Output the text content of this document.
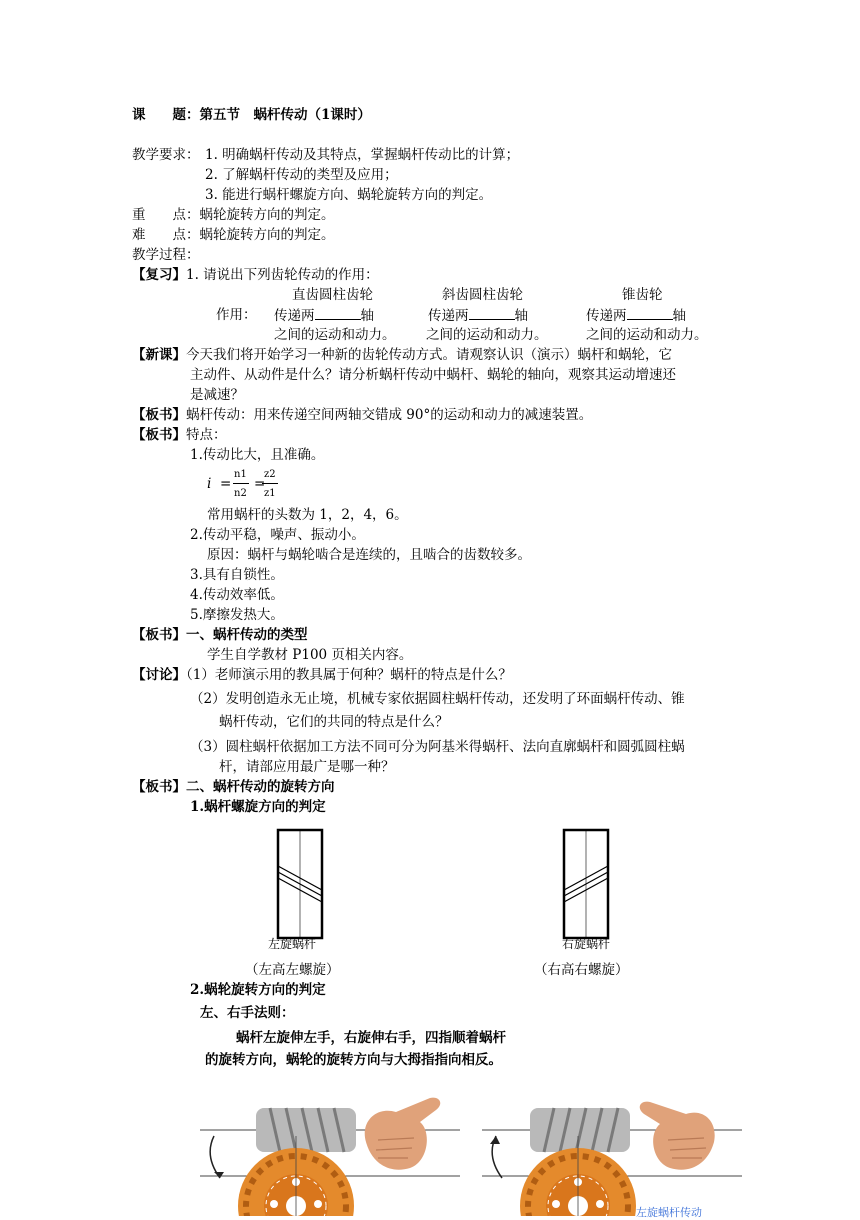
课　　题：第五节　蜗杆传动（1课时）
教学要求： 1. 明确蜗杆传动及其特点，掌握蜗杆传动比的计算；
2. 了解蜗杆传动的类型及应用；
3. 能进行蜗杆螺旋方向、蜗轮旋转方向的判定。
重　　点：蜗轮旋转方向的判定。
难　　点：蜗轮旋转方向的判定。
教学过程：
【复习】1. 请说出下列齿轮传动的作用：
直齿圆柱齿轮	斜齿圆柱齿轮	锥齿轮
作用： 传递两	轴	传递两	轴	传递两	轴
之间的运动和动力。 之间的运动和动力。	之间的运动和动力。
【新课】今天我们将开始学习一种新的齿轮传动方式。请观察认识（演示）蜗杆和蜗轮，它
主动件、从动件是什么？请分析蜗杆传动中蜗杆、蜗轮的轴向，观察其运动增速还
是减速？
【板书】蜗杆传动：用来传递空间两轴交错成 90°的运动和动力的减速装置。
【板书】特点：
1.传动比大，且准确。
i =
n1
n2
=
z2
z1
常用蜗杆的头数为 1，2，4，6。
2.传动平稳，噪声、振动小。
原因：蜗杆与蜗轮啮合是连续的，且啮合的齿数较多。
3.具有自锁性。
4.传动效率低。
5.摩擦发热大。
【板书】一、蜗杆传动的类型
学生自学教材 P100 页相关内容。
【讨论】（1）老师演示用的教具属于何种？蜗杆的特点是什么？
（2）发明创造永无止境，机械专家依据圆柱蜗杆传动，还发明了环面蜗杆传动、锥
蜗杆传动，它们的共同的特点是什么？
（3）圆柱蜗杆依据加工方法不同可分为阿基米得蜗杆、法向直廓蜗杆和圆弧圆柱蜗
杆，请部应用最广是哪一种？
【板书】二、蜗杆传动的旋转方向
1.蜗杆螺旋方向的判定
左旋蜗杆	右旋蜗杆
（左高左螺旋）	（右高右螺旋）
2.蜗轮旋转方向的判定
左、右手法则：
蜗杆左旋伸左手，右旋伸右手，四指顺着蜗杆
的旋转方向，蜗轮的旋转方向与大拇指指向相反。
左旋蜗杆传动
